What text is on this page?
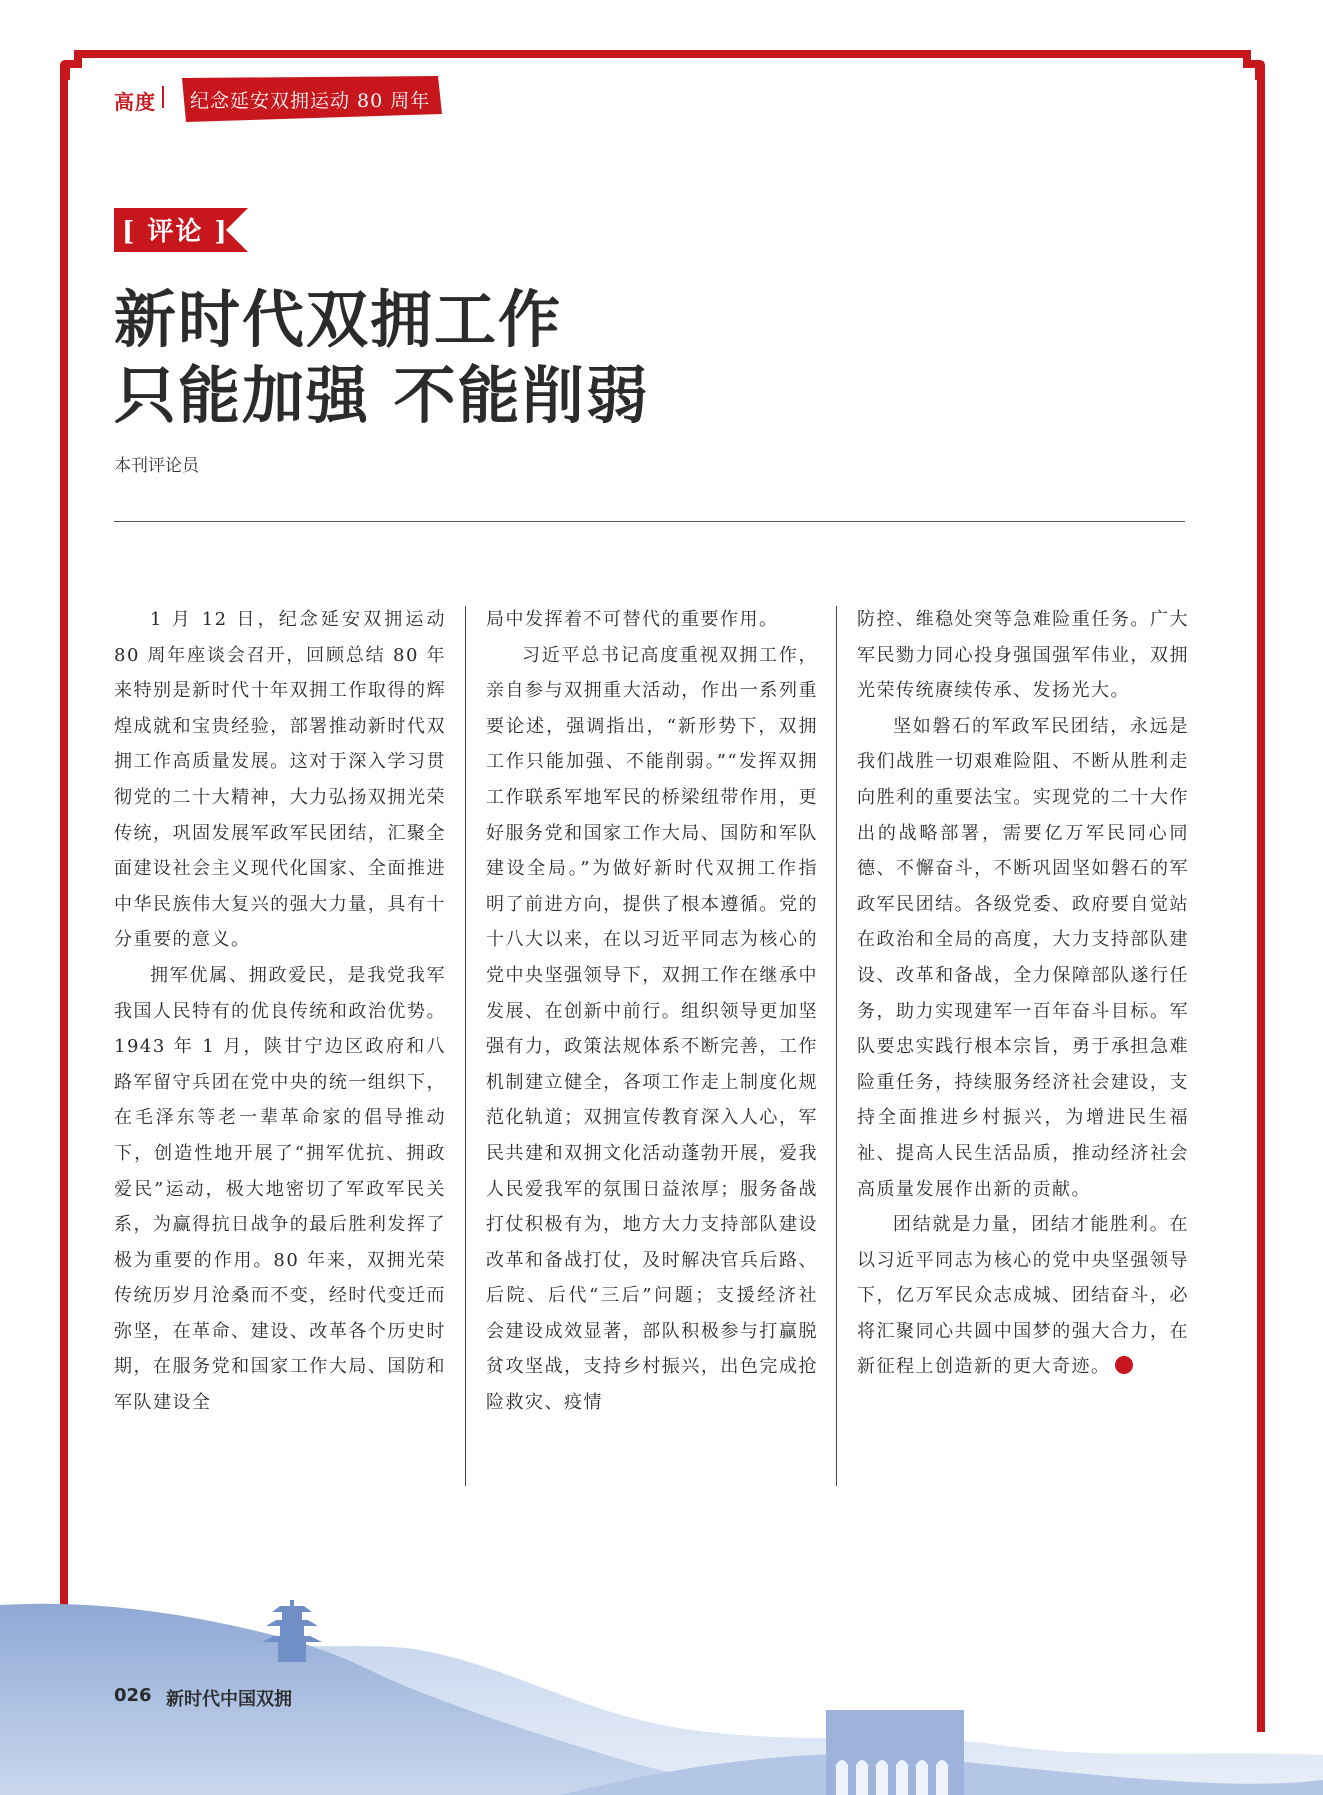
高度 纪念延安双拥运动 80 周年
[ 评论 ]
新时代双拥工作
只能加强 不能削弱
本刊评论员

1 月 12 日，纪念延安双拥运动 80 周年座谈会召开，回顾总结 80 年来特别是新时代十年双拥工作取得的辉煌成就和宝贵经验，部署推动新时代双拥工作高质量发展。这对于深入学习贯彻党的二十大精神，大力弘扬双拥光荣传统，巩固发展军政军民团结，汇聚全面建设社会主义现代化国家、全面推进中华民族伟大复兴的强大力量，具有十分重要的意义。

拥军优属、拥政爱民，是我党我军我国人民特有的优良传统和政治优势。1943 年 1 月，陕甘宁边区政府和八路军留守兵团在党中央的统一组织下，在毛泽东等老一辈革命家的倡导推动下，创造性地开展了“拥军优抗、拥政爱民”运动，极大地密切了军政军民关系，为赢得抗日战争的最后胜利发挥了极为重要的作用。80 年来，双拥光荣传统历岁月沧桑而不变，经时代变迁而弥坚，在革命、建设、改革各个历史时期，在服务党和国家工作大局、国防和军队建设全

局中发挥着不可替代的重要作用。

习近平总书记高度重视双拥工作，亲自参与双拥重大活动，作出一系列重要论述，强调指出，“新形势下，双拥工作只能加强、不能削弱。”“发挥双拥工作联系军地军民的桥梁纽带作用，更好服务党和国家工作大局、国防和军队建设全局。”为做好新时代双拥工作指明了前进方向，提供了根本遵循。党的十八大以来，在以习近平同志为核心的党中央坚强领导下，双拥工作在继承中发展、在创新中前行。组织领导更加坚强有力，政策法规体系不断完善，工作机制建立健全，各项工作走上制度化规范化轨道；双拥宣传教育深入人心，军民共建和双拥文化活动蓬勃开展，爱我人民爱我军的氛围日益浓厚；服务备战打仗积极有为，地方大力支持部队建设改革和备战打仗，及时解决官兵后路、后院、后代“三后”问题；支援经济社会建设成效显著，部队积极参与打赢脱贫攻坚战，支持乡村振兴，出色完成抢险救灾、疫情

防控、维稳处突等急难险重任务。广大军民勠力同心投身强国强军伟业，双拥光荣传统赓续传承、发扬光大。

坚如磐石的军政军民团结，永远是我们战胜一切艰难险阻、不断从胜利走向胜利的重要法宝。实现党的二十大作出的战略部署，需要亿万军民同心同德、不懈奋斗，不断巩固坚如磐石的军政军民团结。各级党委、政府要自觉站在政治和全局的高度，大力支持部队建设、改革和备战，全力保障部队遂行任务，助力实现建军一百年奋斗目标。军队要忠实践行根本宗旨，勇于承担急难险重任务，持续服务经济社会建设，支持全面推进乡村振兴，为增进民生福祉、提高人民生活品质，推动经济社会高质量发展作出新的贡献。

团结就是力量，团结才能胜利。在以习近平同志为核心的党中央坚强领导下，亿万军民众志成城、团结奋斗，必将汇聚同心共圆中国梦的强大合力，在新征程上创造新的更大奇迹。N

026 新时代中国双拥
